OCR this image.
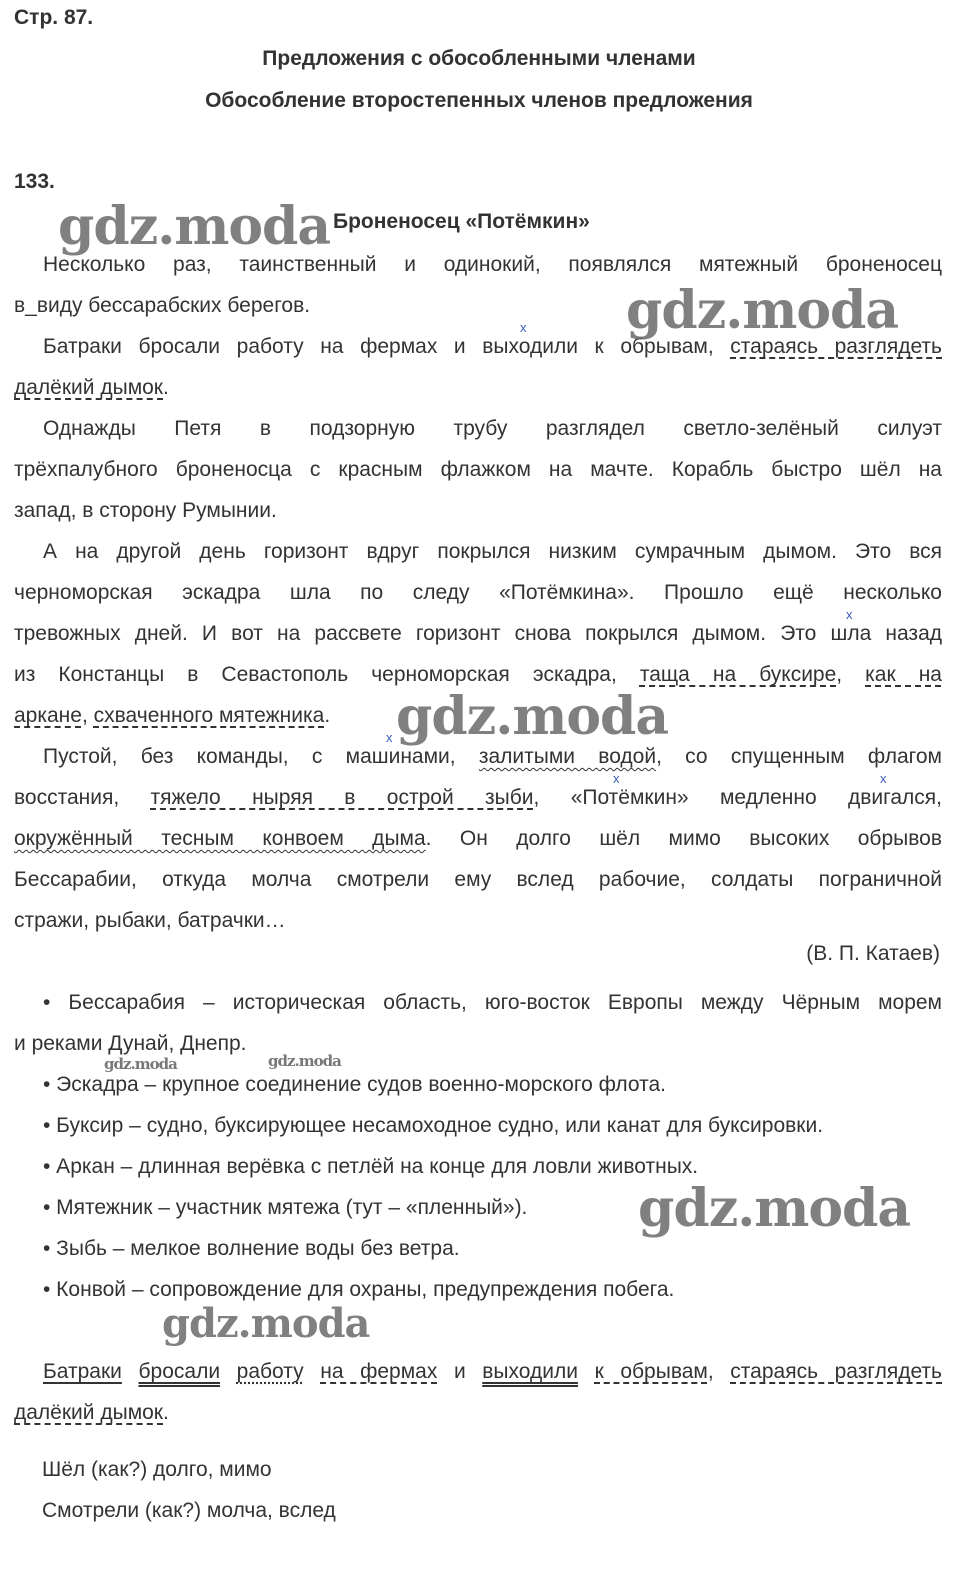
Стр. 87.
Предложения с обособленными членами
Обособление второстепенных членов предложения
133.
Броненосец «Потёмкин»
Несколько раз, таинственный и одинокий, появлялся мятежный броненосец
в_виду бессарабских берегов.
Батраки бросали работу на фермах и выходили к обрывам, стараясь разглядеть
далёкий дымок.
Однажды Петя в подзорную трубу разглядел светло-зелёный силуэт
трёхпалубного броненосца с красным флажком на мачте. Корабль быстро шёл на
запад, в сторону Румынии.
А на другой день горизонт вдруг покрылся низким сумрачным дымом. Это вся
черноморская эскадра шла по следу «Потёмкина». Прошло ещё несколько
тревожных дней. И вот на рассвете горизонт снова покрылся дымом. Это шла назад
из Констанцы в Севастополь черноморская эскадра, таща на буксире, как на
аркане, схваченного мятежника.
Пустой, без команды, с машинами, залитыми водой, со спущенным флагом
восстания, тяжело ныряя в острой зыби, «Потёмкин» медленно двигался,
окружённый тесным конвоем дыма. Он долго шёл мимо высоких обрывов
Бессарабии, откуда молча смотрели ему вслед рабочие, солдаты пограничной
стражи, рыбаки, батрачки…
(В. П. Катаев)
• Бессарабия – историческая область, юго-восток Европы между Чёрным морем
и реками Дунай, Днепр.
• Эскадра – крупное соединение судов военно-морского флота.
• Буксир – судно, буксирующее несамоходное судно, или канат для буксировки.
• Аркан – длинная верёвка с петлёй на конце для ловли животных.
• Мятежник – участник мятежа (тут – «пленный»).
• Зыбь – мелкое волнение воды без ветра.
• Конвой – сопровождение для охраны, предупреждения побега.
Батраки бросали работу на фермах и выходили к обрывам, стараясь разглядеть
далёкий дымок.
Шёл (как?) долго, мимо
Смотрели (как?) молча, вслед
x
x
x
x	x
gdz.moda
gdz.moda
gdz.moda
gdz.moda
gdz.moda
gdz.moda	gdz.moda
